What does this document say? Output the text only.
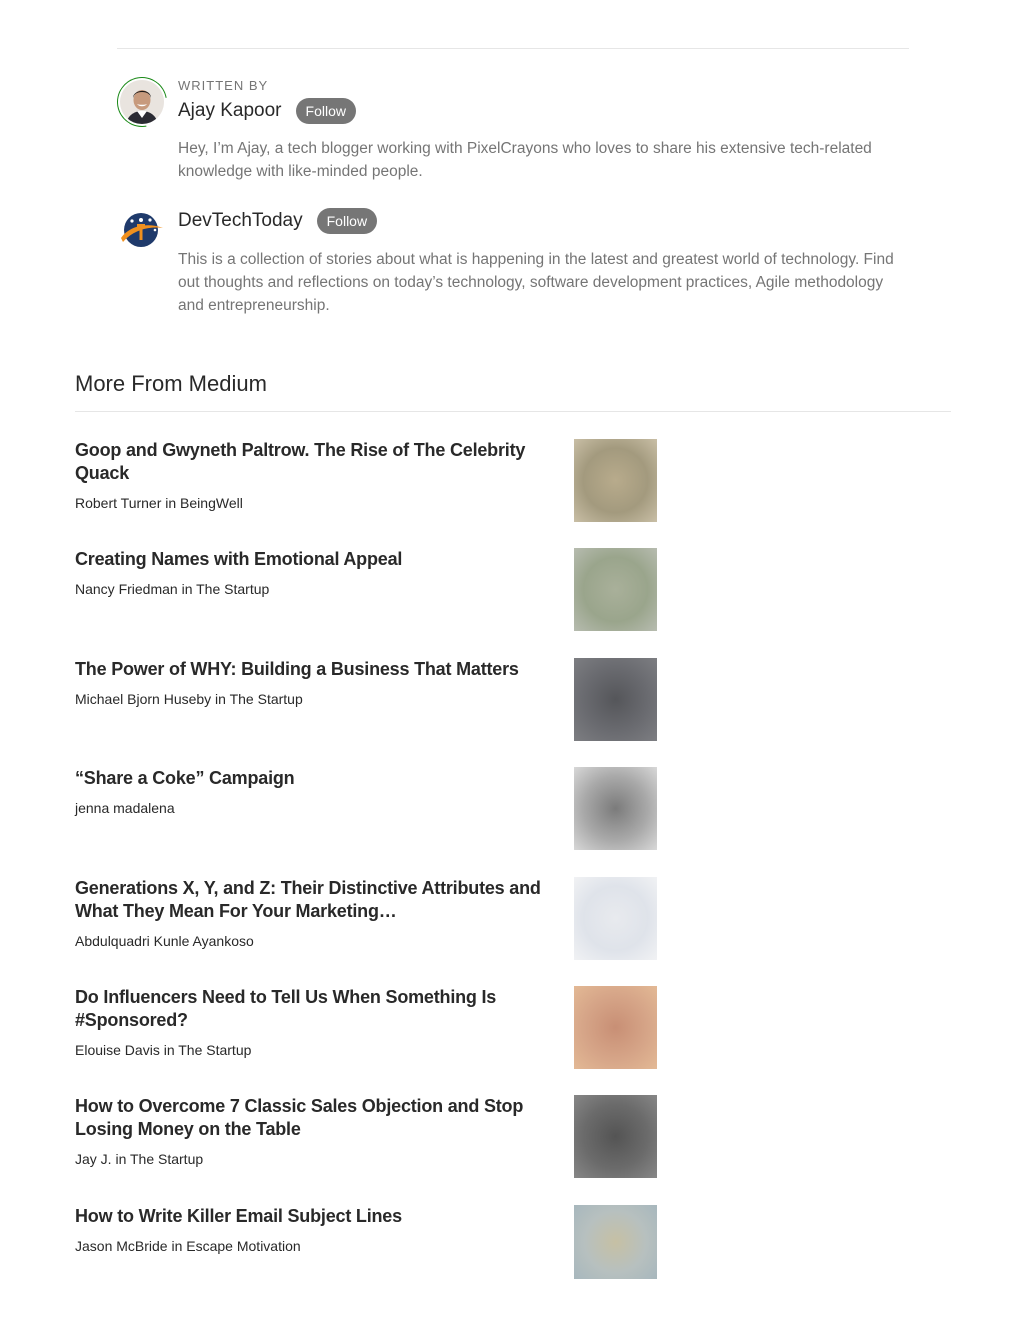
WRITTEN BY
Ajay Kapoor	Follow
Hey, I’m Ajay, a tech blogger working with PixelCrayons who loves to share his extensive tech-related knowledge with like-minded people.
DevTechToday	Follow
This is a collection of stories about what is happening in the latest and greatest world of technology. Find out thoughts and reflections on today’s technology, software development practices, Agile methodology and entrepreneurship.
More From Medium
Goop and Gwyneth Paltrow. The Rise of The Celebrity Quack
Robert Turner in BeingWell
Creating Names with Emotional Appeal
Nancy Friedman in The Startup
The Power of WHY: Building a Business That Matters
Michael Bjorn Huseby in The Startup
“Share a Coke” Campaign
jenna madalena
Generations X, Y, and Z: Their Distinctive Attributes and What They Mean For Your Marketing…
Abdulquadri Kunle Ayankoso
Do Influencers Need to Tell Us When Something Is #Sponsored?
Elouise Davis in The Startup
How to Overcome 7 Classic Sales Objection and Stop Losing Money on the Table
Jay J. in The Startup
How to Write Killer Email Subject Lines
Jason McBride in Escape Motivation
